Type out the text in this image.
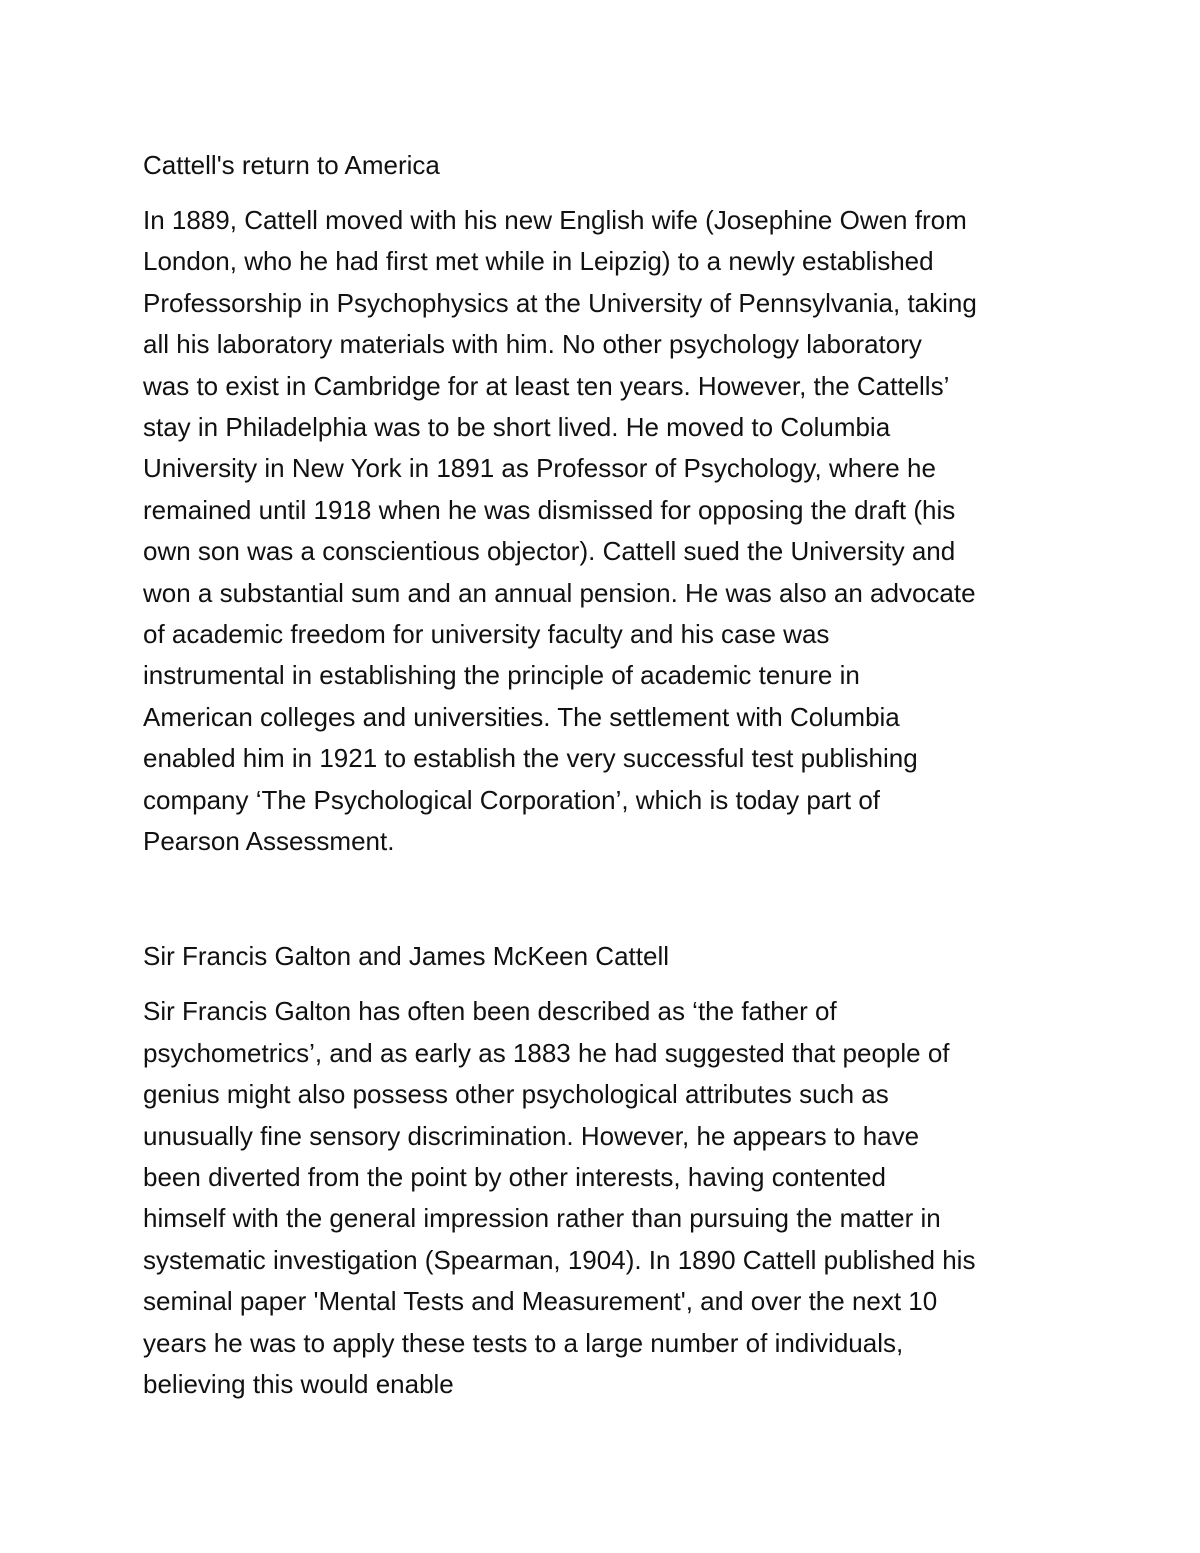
Cattell's return to America
In 1889, Cattell moved with his new English wife (Josephine Owen from
London, who he had first met while in Leipzig) to a newly established
Professorship in Psychophysics at the University of Pennsylvania, taking
all his laboratory materials with him. No other psychology laboratory
was to exist in Cambridge for at least ten years. However, the Cattells’
stay in Philadelphia was to be short lived. He moved to Columbia
University in New York in 1891 as Professor of Psychology, where he
remained until 1918 when he was dismissed for opposing the draft (his
own son was a conscientious objector). Cattell sued the University and
won a substantial sum and an annual pension. He was also an advocate
of academic freedom for university faculty and his case was
instrumental in establishing the principle of academic tenure in
American colleges and universities. The settlement with Columbia
enabled him in 1921 to establish the very successful test publishing
company ‘The Psychological Corporation’, which is today part of
Pearson Assessment.
Sir Francis Galton and James McKeen Cattell
Sir Francis Galton has often been described as ‘the father of
psychometrics’, and as early as 1883 he had suggested that people of
genius might also possess other psychological attributes such as
unusually fine sensory discrimination. However, he appears to have
been diverted from the point by other interests, having contented
himself with the general impression rather than pursuing the matter in
systematic investigation (Spearman, 1904). In 1890 Cattell published his
seminal paper 'Mental Tests and Measurement', and over the next 10
years he was to apply these tests to a large number of individuals,
believing this would enable
